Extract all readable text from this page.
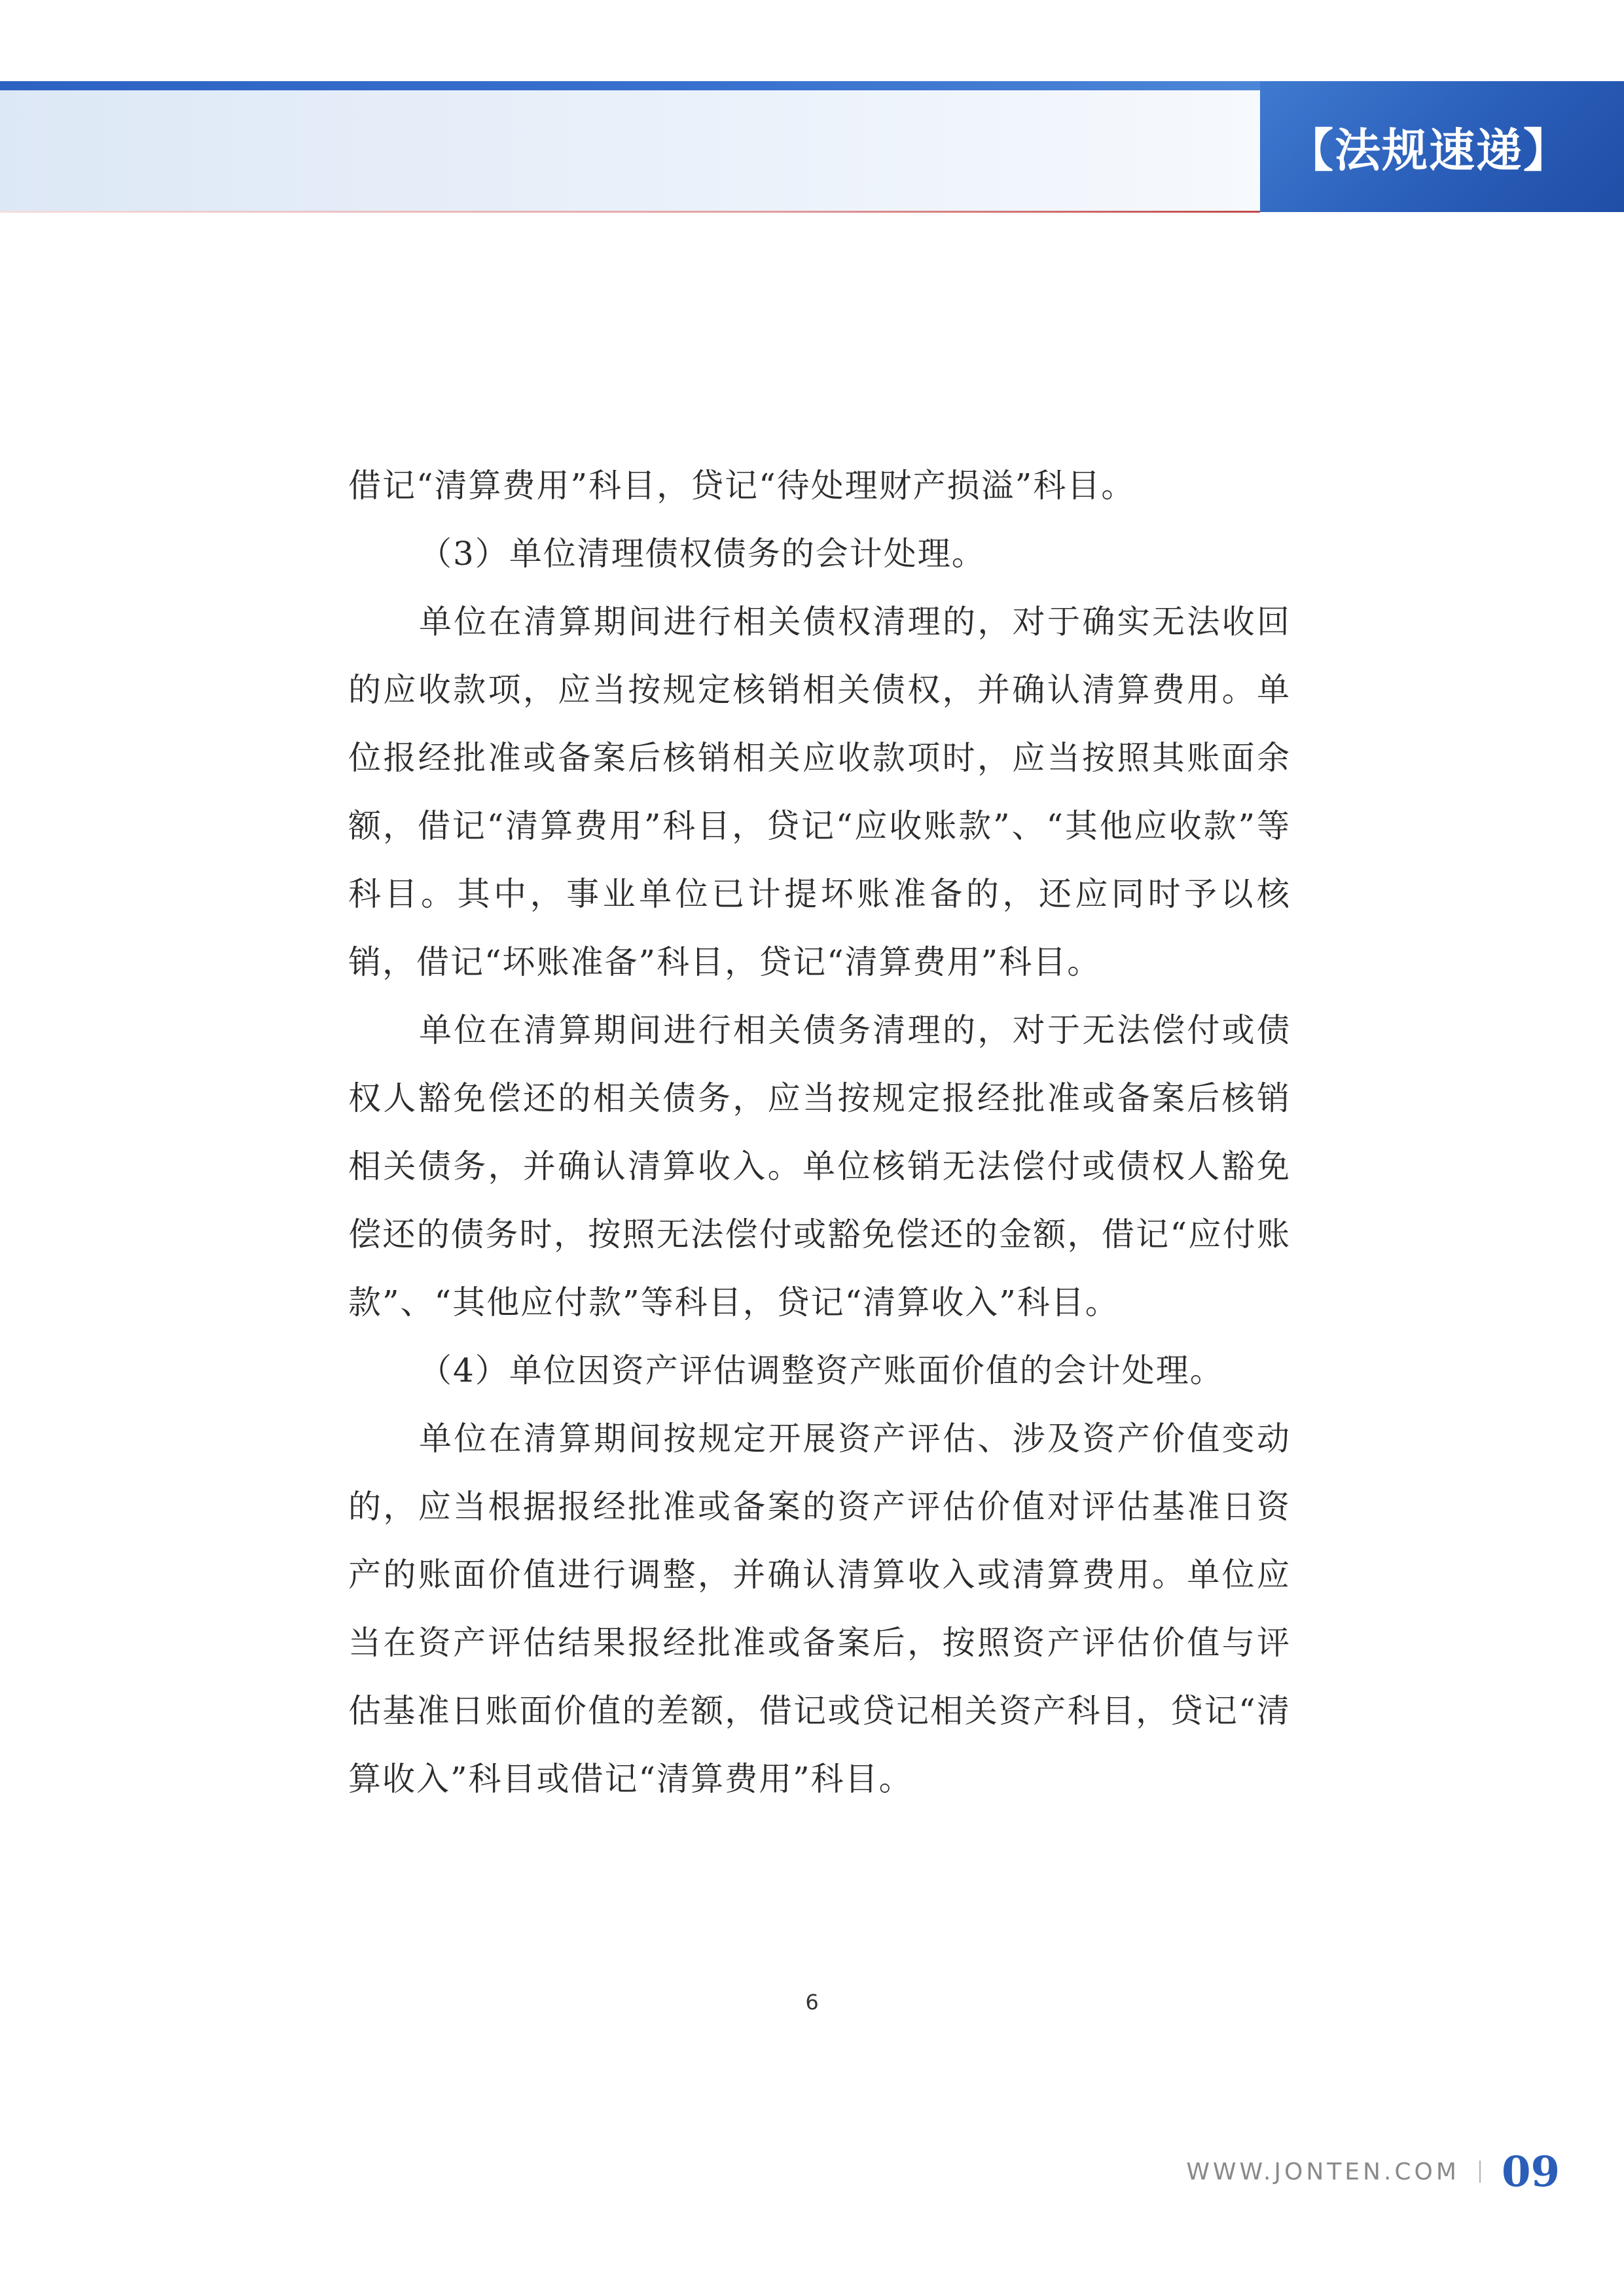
【法规速递】

借记“清算费用”科目，贷记“待处理财产损溢”科目。

（3）单位清理债权债务的会计处理。

单位在清算期间进行相关债权清理的，对于确实无法收回的应收款项，应当按规定核销相关债权，并确认清算费用。单位报经批准或备案后核销相关应收款项时，应当按照其账面余额，借记“清算费用”科目，贷记“应收账款”、“其他应收款”等科目。其中，事业单位已计提坏账准备的，还应同时予以核销，借记“坏账准备”科目，贷记“清算费用”科目。

单位在清算期间进行相关债务清理的，对于无法偿付或债权人豁免偿还的相关债务，应当按规定报经批准或备案后核销相关债务，并确认清算收入。单位核销无法偿付或债权人豁免偿还的债务时，按照无法偿付或豁免偿还的金额，借记“应付账款”、“其他应付款”等科目，贷记“清算收入”科目。

（4）单位因资产评估调整资产账面价值的会计处理。

单位在清算期间按规定开展资产评估、涉及资产价值变动的，应当根据报经批准或备案的资产评估价值对评估基准日资产的账面价值进行调整，并确认清算收入或清算费用。单位应当在资产评估结果报经批准或备案后，按照资产评估价值与评估基准日账面价值的差额，借记或贷记相关资产科目，贷记“清算收入”科目或借记“清算费用”科目。

6
WWW.JONTEN.COM 09
